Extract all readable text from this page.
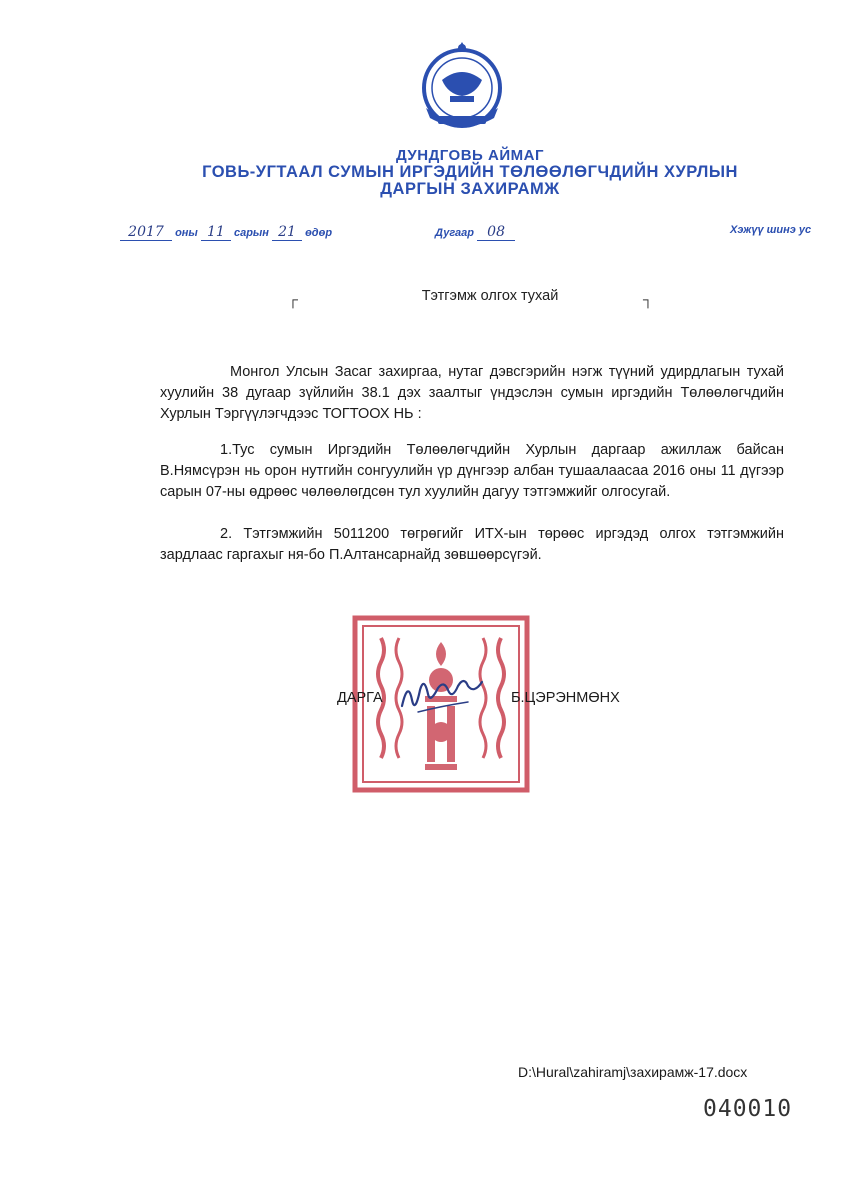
ДУНДГОВЬ АЙМАГ
ГОВЬ-УГТААЛ СУМЫН ИРГЭДИЙН ТӨЛӨӨЛӨГЧДИЙН ХУРЛЫН
ДАРГЫН ЗАХИРАМЖ
2017 оны 11 сарын 21 өдөр	Дугаар 08	Хэжүү шинэ ус
┌	Тэтгэмж олгох тухай	┐
Монгол Улсын Засаг захиргаа, нутаг дэвсгэрийн нэгж түүний удирдлагын тухай хуулийн 38 дугаар зүйлийн 38.1 дэх заалтыг үндэслэн сумын иргэдийн Төлөөлөгчдийн Хурлын Тэргүүлэгчдээс ТОГТООХ НЬ :
1.Тус сумын Иргэдийн Төлөөлөгчдийн Хурлын даргаар ажиллаж байсан В.Нямсүрэн нь орон нутгийн сонгуулийн үр дүнгээр албан тушаалаасаа 2016 оны 11 дүгээр сарын 07-ны өдрөөс чөлөөлөгдсөн тул хуулийн дагуу тэтгэмжийг олгосугай.
2. Тэтгэмжийн 5011200 төгрөгийг ИТХ-ын төрөөс иргэдэд олгох тэтгэмжийн зардлаас гаргахыг ня-бо П.Алтансарнайд зөвшөөрсүгэй.
ДАРГА	Б.ЦЭРЭНМӨНХ
D:\Hural\zahiramj\захирамж-17.docx
040010
